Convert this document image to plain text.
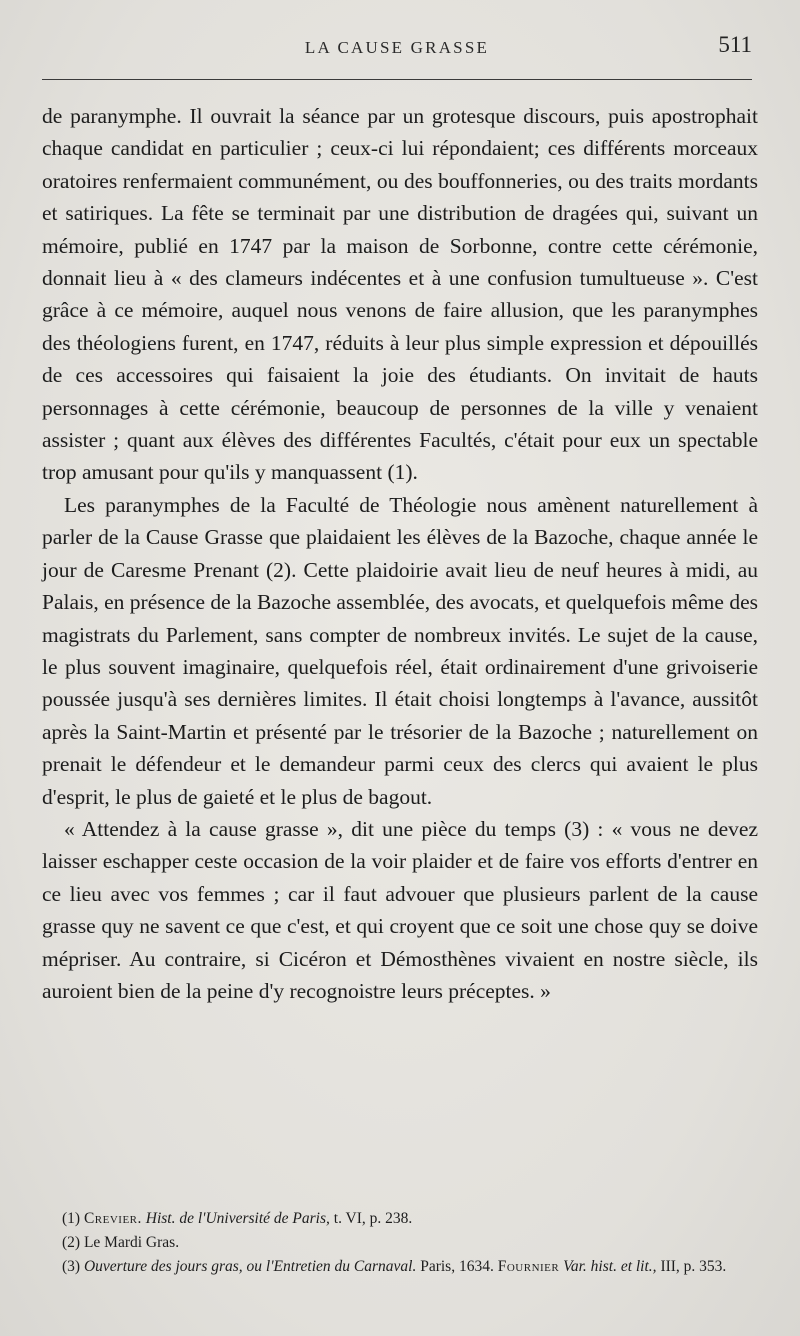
LA CAUSE GRASSE	511

de paranymphe. Il ouvrait la séance par un grotesque discours, puis apostrophait chaque candidat en particulier ; ceux-ci lui répondaient; ces différents morceaux oratoires renfermaient communément, ou des bouffonneries, ou des traits mordants et satiriques. La fête se terminait par une distribution de dragées qui, suivant un mémoire, publié en 1747 par la maison de Sorbonne, contre cette cérémonie, donnait lieu à « des clameurs indécentes et à une confusion tumultueuse ». C'est grâce à ce mémoire, auquel nous venons de faire allusion, que les paranymphes des théologiens furent, en 1747, réduits à leur plus simple expression et dépouillés de ces accessoires qui faisaient la joie des étudiants. On invitait de hauts personnages à cette cérémonie, beaucoup de personnes de la ville y venaient assister ; quant aux élèves des différentes Facultés, c'était pour eux un spectable trop amusant pour qu'ils y manquassent (1).

Les paranymphes de la Faculté de Théologie nous amènent naturellement à parler de la Cause Grasse que plaidaient les élèves de la Bazoche, chaque année le jour de Caresme Prenant (2). Cette plaidoirie avait lieu de neuf heures à midi, au Palais, en présence de la Bazoche assemblée, des avocats, et quelquefois même des magistrats du Parlement, sans compter de nombreux invités. Le sujet de la cause, le plus souvent imaginaire, quelquefois réel, était ordinairement d'une grivoiserie poussée jusqu'à ses dernières limites. Il était choisi longtemps à l'avance, aussitôt après la Saint-Martin et présenté par le trésorier de la Bazoche ; naturellement on prenait le défendeur et le demandeur parmi ceux des clercs qui avaient le plus d'esprit, le plus de gaieté et le plus de bagout.

« Attendez à la cause grasse », dit une pièce du temps (3) : « vous ne devez laisser eschapper ceste occasion de la voir plaider et de faire vos efforts d'entrer en ce lieu avec vos femmes ; car il faut advouer que plusieurs parlent de la cause grasse quy ne savent ce que c'est, et qui croyent que ce soit une chose quy se doive mépriser. Au contraire, si Cicéron et Démosthènes vivaient en nostre siècle, ils auroient bien de la peine d'y recognoistre leurs préceptes. »

(1) Crevier. Hist. de l'Université de Paris, t. VI, p. 238.

(2) Le Mardi Gras.

(3) Ouverture des jours gras, ou l'Entretien du Carnaval. Paris, 1634. Fournier Var. hist. et lit., III, p. 353.
